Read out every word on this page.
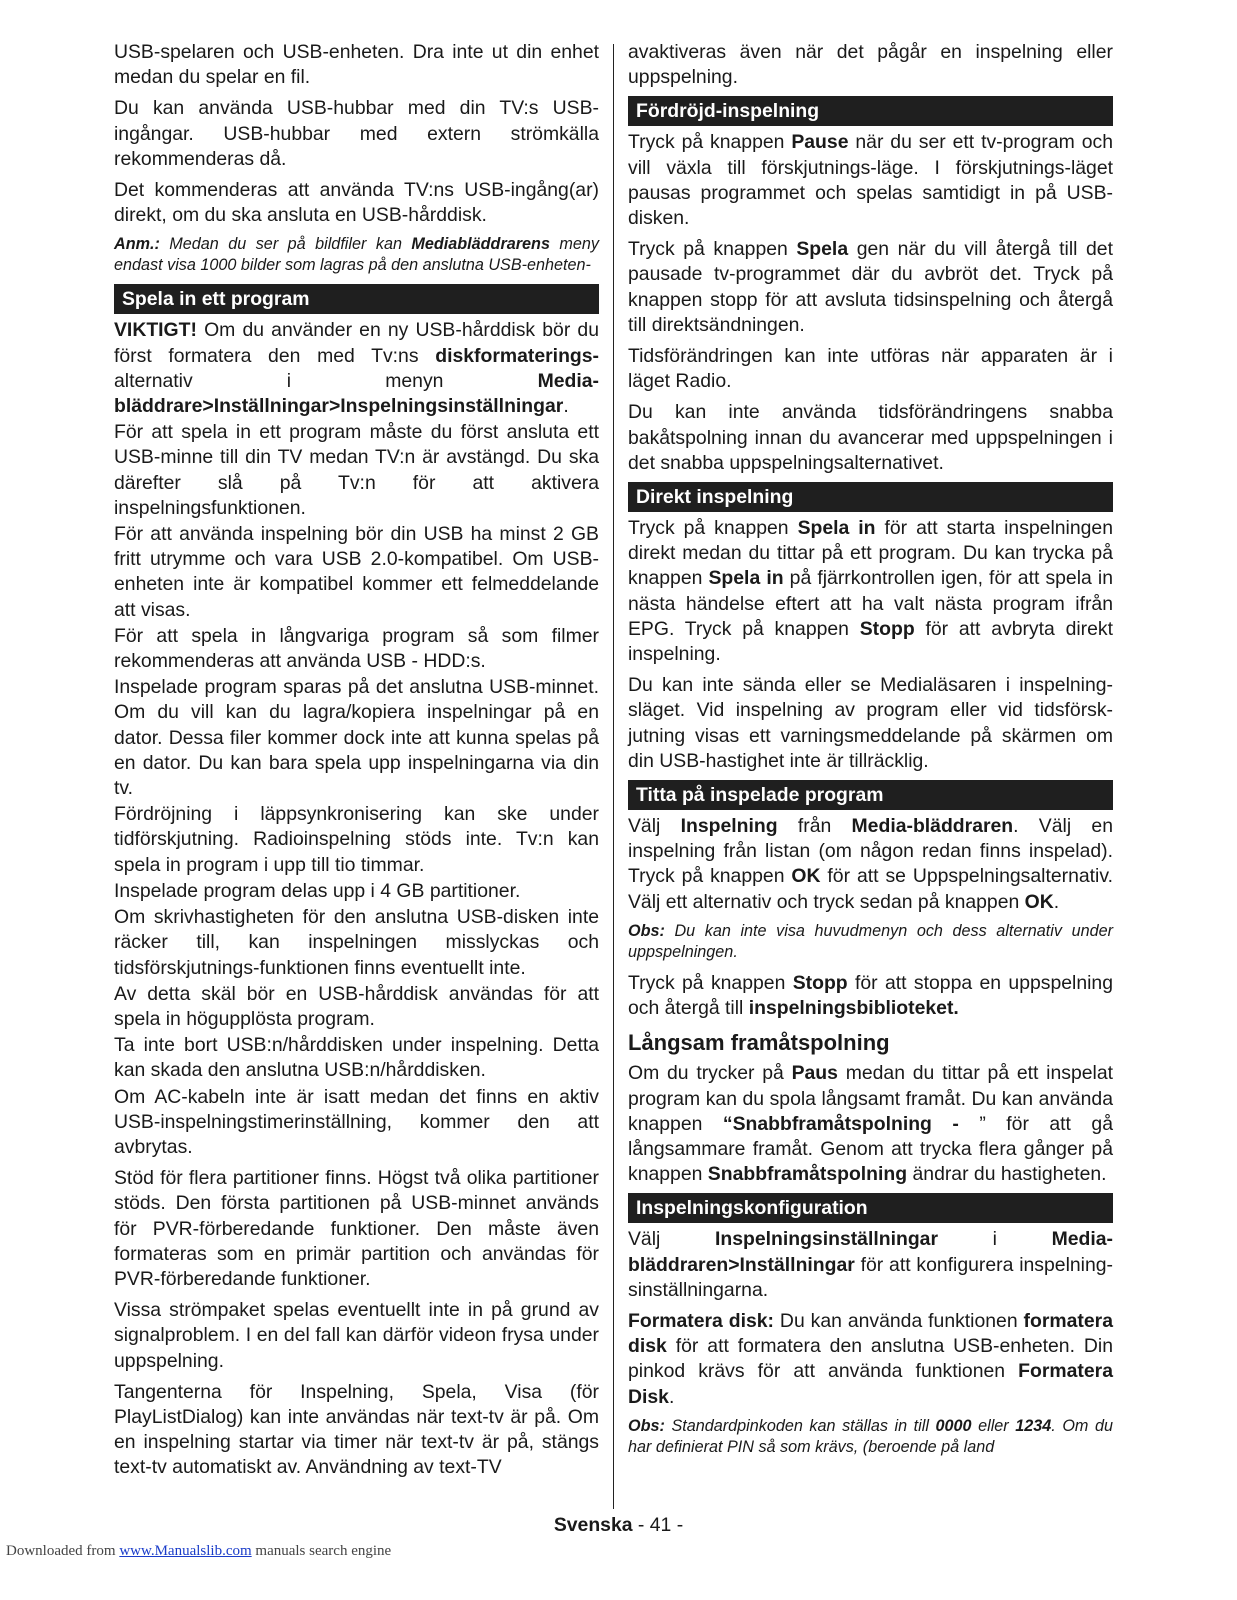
USB-spelaren och USB-enheten. Dra inte ut din enhet medan du spelar en fil.

Du kan använda USB-hubbar med din TV:s USB-ingångar. USB-hubbar med extern strömkälla rekommenderas då.

Det kommenderas att använda TV:ns USB-ingång(ar) direkt, om du ska ansluta en USB-hårddisk.

Anm.: Medan du ser på bildfiler kan Mediabläddrarens meny endast visa 1000 bilder som lagras på den anslutna USB-enheten-

Spela in ett program

VIKTIGT! Om du använder en ny USB-hårddisk bör du först formatera den med Tv:ns diskformaterings-alternativ i menyn Media-bläddrare>Inställningar>Inspelningsinställningar.

För att spela in ett program måste du först ansluta ett USB-minne till din TV medan TV:n är avstängd. Du ska därefter slå på Tv:n för att aktivera inspelningsfunktionen.

För att använda inspelning bör din USB ha minst 2 GB fritt utrymme och vara USB 2.0-kompatibel. Om USB-enheten inte är kompatibel kommer ett felmeddelande att visas.

För att spela in långvariga program så som filmer rekommenderas att använda USB - HDD:s.

Inspelade program sparas på det anslutna USB-minnet. Om du vill kan du lagra/kopiera inspelningar på en dator. Dessa filer kommer dock inte att kunna spelas på en dator. Du kan bara spela upp inspelningarna via din tv.

Fördröjning i läppsynkronisering kan ske under tidförskjutning. Radioinspelning stöds inte. Tv:n kan spela in program i upp till tio timmar.

Inspelade program delas upp i 4 GB partitioner.

Om skrivhastigheten för den anslutna USB-disken inte räcker till, kan inspelningen misslyckas och tidsförskjutnings-funktionen finns eventuellt inte.

Av detta skäl bör en USB-hårddisk användas för att spela in högupplösta program.

Ta inte bort USB:n/hårddisken under inspelning. Detta kan skada den anslutna USB:n/hårddisken.

Om AC-kabeln inte är isatt medan det finns en aktiv USB-inspelningstimerinställning, kommer den att avbrytas.

Stöd för flera partitioner finns. Högst två olika partitioner stöds. Den första partitionen på USB-minnet används för PVR-förberedande funktioner. Den måste även formateras som en primär partition och användas för PVR-förberedande funktioner.

Vissa strömpaket spelas eventuellt inte in på grund av signalproblem. I en del fall kan därför videon frysa under uppspelning.

Tangenterna för Inspelning, Spela, Visa (för PlayListDialog) kan inte användas när text-tv är på. Om en inspelning startar via timer när text-tv är på, stängs text-tv automatiskt av. Användning av text-TV

avaktiveras även när det pågår en inspelning eller uppspelning.

Fördröjd-inspelning

Tryck på knappen Pause när du ser ett tv-program och vill växla till förskjutnings-läge. I förskjutnings-läget pausas programmet och spelas samtidigt in på USB-disken.

Tryck på knappen Spela gen när du vill återgå till det pausade tv-programmet där du avbröt det. Tryck på knappen stopp för att avsluta tidsinspelning och återgå till direktsändningen.

Tidsförändringen kan inte utföras när apparaten är i läget Radio.

Du kan inte använda tidsförändringens snabba bakåtspolning innan du avancerar med uppspelningen i det snabba uppspelningsalternativet.

Direkt inspelning

Tryck på knappen Spela in för att starta inspelningen direkt medan du tittar på ett program. Du kan trycka på knappen Spela in på fjärrkontrollen igen, för att spela in nästa händelse eftert att ha valt nästa program ifrån EPG. Tryck på knappen Stopp för att avbryta direkt inspelning.

Du kan inte sända eller se Medialäsaren i inspelning-släget. Vid inspelning av program eller vid tidsförsk-jutning visas ett varningsmeddelande på skärmen om din USB-hastighet inte är tillräcklig.

Titta på inspelade program

Välj Inspelning från Media-bläddraren. Välj en inspelning från listan (om någon redan finns inspelad). Tryck på knappen OK för att se Uppspelningsalternativ. Välj ett alternativ och tryck sedan på knappen OK.

Obs: Du kan inte visa huvudmenyn och dess alternativ under uppspelningen.

Tryck på knappen Stopp för att stoppa en uppspelning och återgå till inspelningsbiblioteket.

Långsam framåtspolning

Om du trycker på Paus medan du tittar på ett inspelat program kan du spola långsamt framåt. Du kan använda knappen “Snabbframåtspolning - ” för att gå långsammare framåt. Genom att trycka flera gånger på knappen Snabbframåtspolning ändrar du hastigheten.

Inspelningskonfiguration

Välj Inspelningsinställningar i Media-bläddraren>Inställningar för att konfigurera inspelning-sinställningarna.

Formatera disk: Du kan använda funktionen formatera disk för att formatera den anslutna USB-enheten. Din pinkod krävs för att använda funktionen Formatera Disk.

Obs: Standardpinkoden kan ställas in till 0000 eller 1234. Om du har definierat PIN så som krävs, (beroende på land

Svenska - 41 -
Downloaded from www.Manualslib.com manuals search engine
